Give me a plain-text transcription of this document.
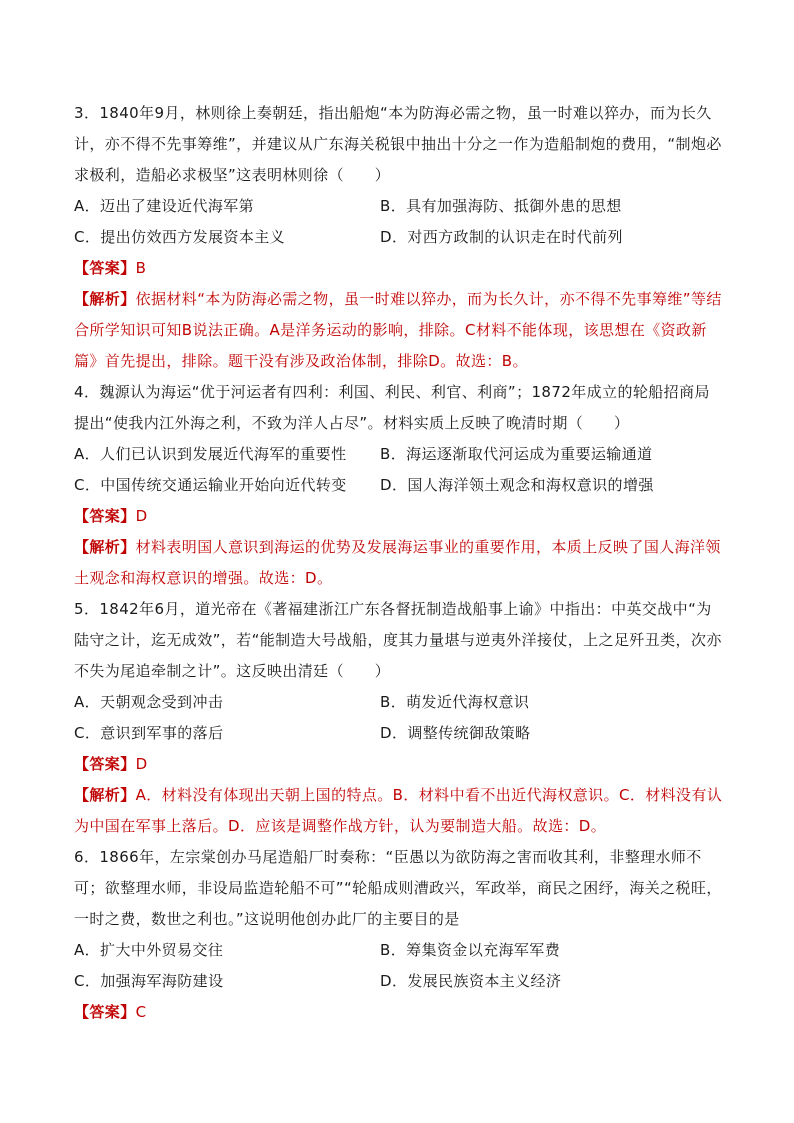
3．1840年9月，林则徐上奏朝廷，指出船炮“本为防海必需之物，虽一时难以猝办，而为长久计，亦不得不先事筹维”，并建议从广东海关税银中抽出十分之一作为造船制炮的费用，“制炮必求极利，造船必求极坚”这表明林则徐（　　）

A．迈出了建设近代海军第	B．具有加强海防、抵御外患的思想
C．提出仿效西方发展资本主义	D．对西方政制的认识走在时代前列

【答案】B

【解析】依据材料“本为防海必需之物，虽一时难以猝办，而为长久计，亦不得不先事筹维”等结合所学知识可知B说法正确。A是洋务运动的影响，排除。C材料不能体现，该思想在《资政新篇》首先提出，排除。题干没有涉及政治体制，排除D。故选：B。

4．魏源认为海运“优于河运者有四利：利国、利民、利官、利商”；1872年成立的轮船招商局提出“使我内江外海之利，不致为洋人占尽”。材料实质上反映了晚清时期（　　）

A．人们已认识到发展近代海军的重要性	B．海运逐渐取代河运成为重要运输通道
C．中国传统交通运输业开始向近代转变	D．国人海洋领土观念和海权意识的增强

【答案】D

【解析】材料表明国人意识到海运的优势及发展海运事业的重要作用，本质上反映了国人海洋领土观念和海权意识的增强。故选：D。

5．1842年6月，道光帝在《著福建浙江广东各督抚制造战船事上谕》中指出：中英交战中“为陆守之计，迄无成效”，若“能制造大号战船，度其力量堪与逆夷外洋接仗，上之足歼丑类，次亦不失为尾追牵制之计”。这反映出清廷（　　）

A．天朝观念受到冲击	B．萌发近代海权意识
C．意识到军事的落后	D．调整传统御敌策略

【答案】D

【解析】A．材料没有体现出天朝上国的特点。B．材料中看不出近代海权意识。C．材料没有认为中国在军事上落后。D．应该是调整作战方针，认为要制造大船。故选：D。

6．1866年，左宗棠创办马尾造船厂时奏称：“臣愚以为欲防海之害而收其利，非整理水师不可；欲整理水师，非设局监造轮船不可”“轮船成则漕政兴，军政举，商民之困纾，海关之税旺，一时之费，数世之利也。”这说明他创办此厂的主要目的是

A．扩大中外贸易交往	B．筹集资金以充海军军费
C．加强海军海防建设	D．发展民族资本主义经济

【答案】C
